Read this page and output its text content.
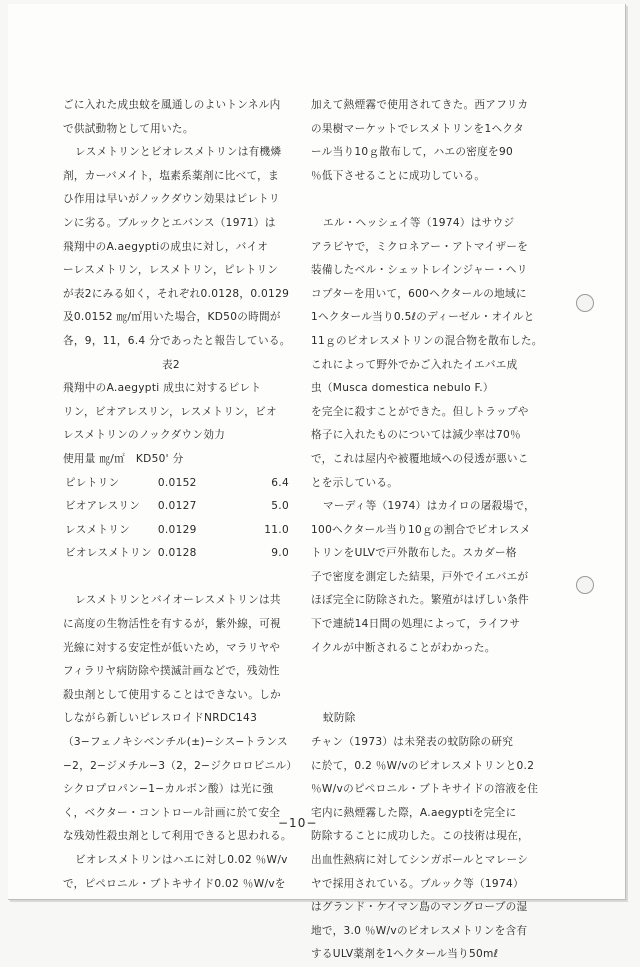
ごに入れた成虫蚊を風通しのよいトンネル内
で供試動物として用いた。
レスメトリンとビオレスメトリンは有機燐
剤，カーバメイト，塩素系薬剤に比べて，ま
ひ作用は早いがノックダウン効果はピレトリ
ンに劣る。ブルックとエバンス（1971）は
飛翔中のA.aegyptiの成虫に対し，バイオ
ーレスメトリン，レスメトリン，ピレトリン
が表2にみる如く，それぞれ0.0128，0.0129
及0.0152 ㎎/㎡用いた場合，KD50の時間が
各，9，11，6.4 分であったと報告している。
表2
飛翔中のA.aegypti 成虫に対するピレト
リン，ビオアレスリン，レスメトリン，ビオ
レスメトリンのノックダウン効力
使用量 ㎎/㎡　KD50' 分		
ピレトリン	0.0152	6.4
ビオアレスリン	0.0127	5.0
レスメトリン	0.0129	11.0
ビオレスメトリン	0.0128	9.0
レスメトリンとバイオーレスメトリンは共
に高度の生物活性を有するが，紫外線，可視
光線に対する安定性が低いため，マラリヤや
フィラリヤ病防除や撲滅計画などで，残効性
殺虫剤として使用することはできない。しか
しながら新しいピレスロイドNRDC143
（3−フェノキシベンチル(±)−シス−トランス
−2，2−ジメチル−3（2，2−ジクロロビニル）
シクロプロパン−1−カルボン酸）は光に強
く，ベクター・コントロール計画に於て安全
な残効性殺虫剤として利用できると思われる。
ビオレスメトリンはハエに対し0.02 ％W/v
で，ピペロニル・ブトキサイド0.02 ％W/vを
加えて熱煙霧で使用されてきた。西アフリカ
の果樹マーケットでレスメトリンを1ヘクタ
ール当り10ｇ散布して，ハエの密度を90
％低下させることに成功している。
エル・ヘッシェイ等（1974）はサウジ
アラビヤで，ミクロネアー・アトマイザーを
装備したベル・シェットレインジャー・ヘリ
コプターを用いて，600ヘクタールの地域に
1ヘクタール当り0.5ℓのディーゼル・オイルと
11ｇのビオレスメトリンの混合物を散布した。
これによって野外でかご入れたイエバエ成
虫（Musca domestica nebulo F.）
を完全に殺すことができた。但しトラップや
格子に入れたものについては減少率は70％
で，これは屋内や被覆地域への侵透が悪いこ
とを示している。
マーディ等（1974）はカイロの屠殺場で，
100ヘクタール当り10ｇの割合でビオレスメ
トリンをULVで戸外散布した。スカダー格
子で密度を測定した結果，戸外でイエバエが
ほぼ完全に防除された。繁殖がはげしい条件
下で連続14日間の処理によって，ライフサ
イクルが中断されることがわかった。
蚊防除
チャン（1973）は未発表の蚊防除の研究
に於て，0.2 ％W/vのビオレスメトリンと0.2
％W/vのピペロニル・ブトキサイドの溶液を住
宅内に熱煙霧した際，A.aegyptiを完全に
防除することに成功した。この技術は現在，
出血性熱病に対してシンガポールとマレーシ
ヤで採用されている。ブルック等（1974）
はグランド・ケイマン島のマングローブの湿
地で，3.0 ％W/vのビオレスメトリンを含有
するULV薬剤を1ヘクタール当り50mℓ
−10−
